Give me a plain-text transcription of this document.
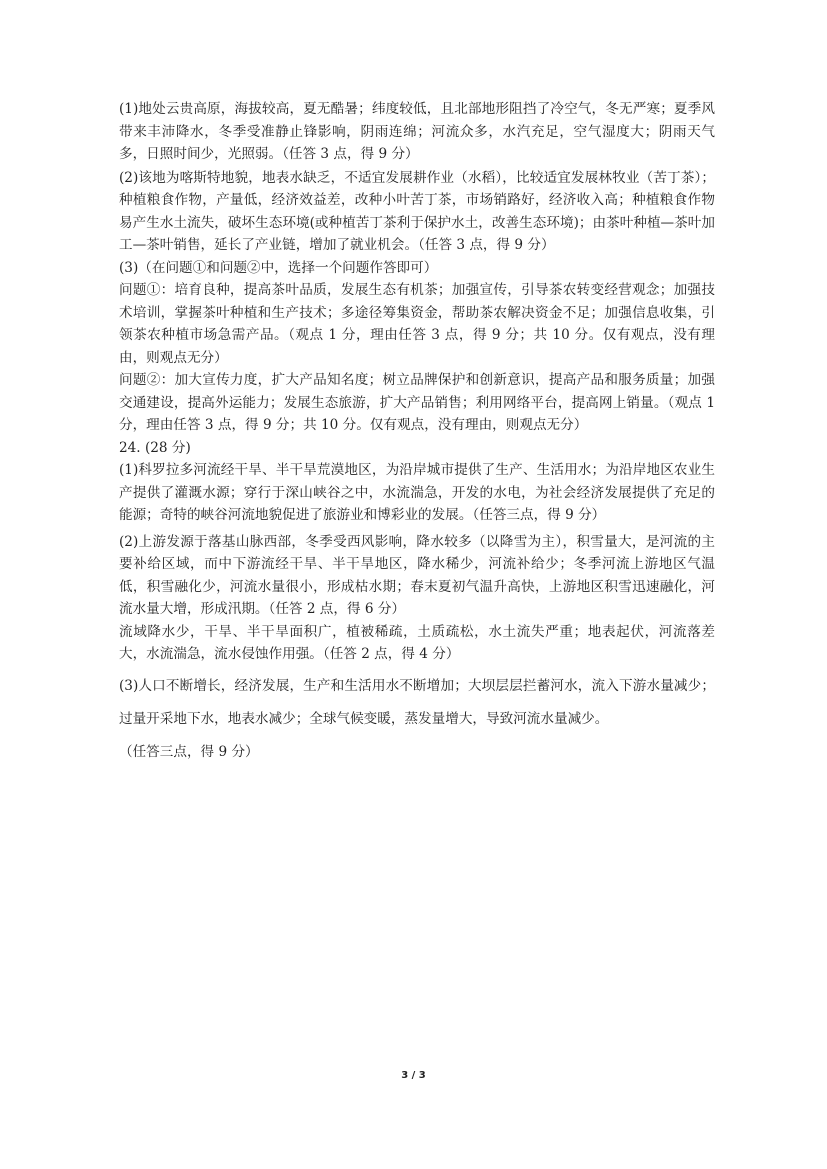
(1)地处云贵高原，海拔较高，夏无酷暑；纬度较低，且北部地形阻挡了冷空气，冬无严寒；夏季风带来丰沛降水，冬季受准静止锋影响，阴雨连绵；河流众多，水汽充足，空气湿度大；阴雨天气多，日照时间少，光照弱。（任答 3 点，得 9 分）

(2)该地为喀斯特地貌，地表水缺乏，不适宜发展耕作业（水稻），比较适宜发展林牧业（苦丁茶）；种植粮食作物，产量低，经济效益差，改种小叶苦丁茶，市场销路好，经济收入高；种植粮食作物易产生水土流失，破坏生态环境(或种植苦丁茶利于保护水土，改善生态环境)；由茶叶种植—茶叶加工—茶叶销售，延长了产业链，增加了就业机会。（任答 3 点，得 9 分）

(3)（在问题①和问题②中，选择一个问题作答即可）

问题①：培育良种，提高茶叶品质，发展生态有机茶；加强宣传，引导茶农转变经营观念；加强技术培训，掌握茶叶种植和生产技术；多途径筹集资金，帮助茶农解决资金不足；加强信息收集，引领茶农种植市场急需产品。（观点 1 分，理由任答 3 点，得 9 分；共 10 分。仅有观点，没有理由，则观点无分）

问题②：加大宣传力度，扩大产品知名度；树立品牌保护和创新意识，提高产品和服务质量；加强交通建设，提高外运能力；发展生态旅游，扩大产品销售；利用网络平台，提高网上销量。（观点 1 分，理由任答 3 点，得 9 分；共 10 分。仅有观点，没有理由，则观点无分）

24. (28 分)

(1)科罗拉多河流经干旱、半干旱荒漠地区，为沿岸城市提供了生产、生活用水；为沿岸地区农业生产提供了灌溉水源；穿行于深山峡谷之中，水流湍急，开发的水电，为社会经济发展提供了充足的能源；奇特的峡谷河流地貌促进了旅游业和博彩业的发展。（任答三点，得 9 分）

(2)上游发源于落基山脉西部，冬季受西风影响，降水较多（以降雪为主），积雪量大，是河流的主要补给区域，而中下游流经干旱、半干旱地区，降水稀少，河流补给少；冬季河流上游地区气温低，积雪融化少，河流水量很小，形成枯水期；春末夏初气温升高快，上游地区积雪迅速融化，河流水量大增，形成汛期。（任答 2 点，得 6 分）

流域降水少，干旱、半干旱面积广，植被稀疏，土质疏松，水土流失严重；地表起伏，河流落差大，水流湍急，流水侵蚀作用强。（任答 2 点，得 4 分）

(3)人口不断增长，经济发展，生产和生活用水不断增加；大坝层层拦蓄河水，流入下游水量减少；过量开采地下水，地表水减少；全球气候变暖，蒸发量增大，导致河流水量减少。

（任答三点，得 9 分）

3 / 3
